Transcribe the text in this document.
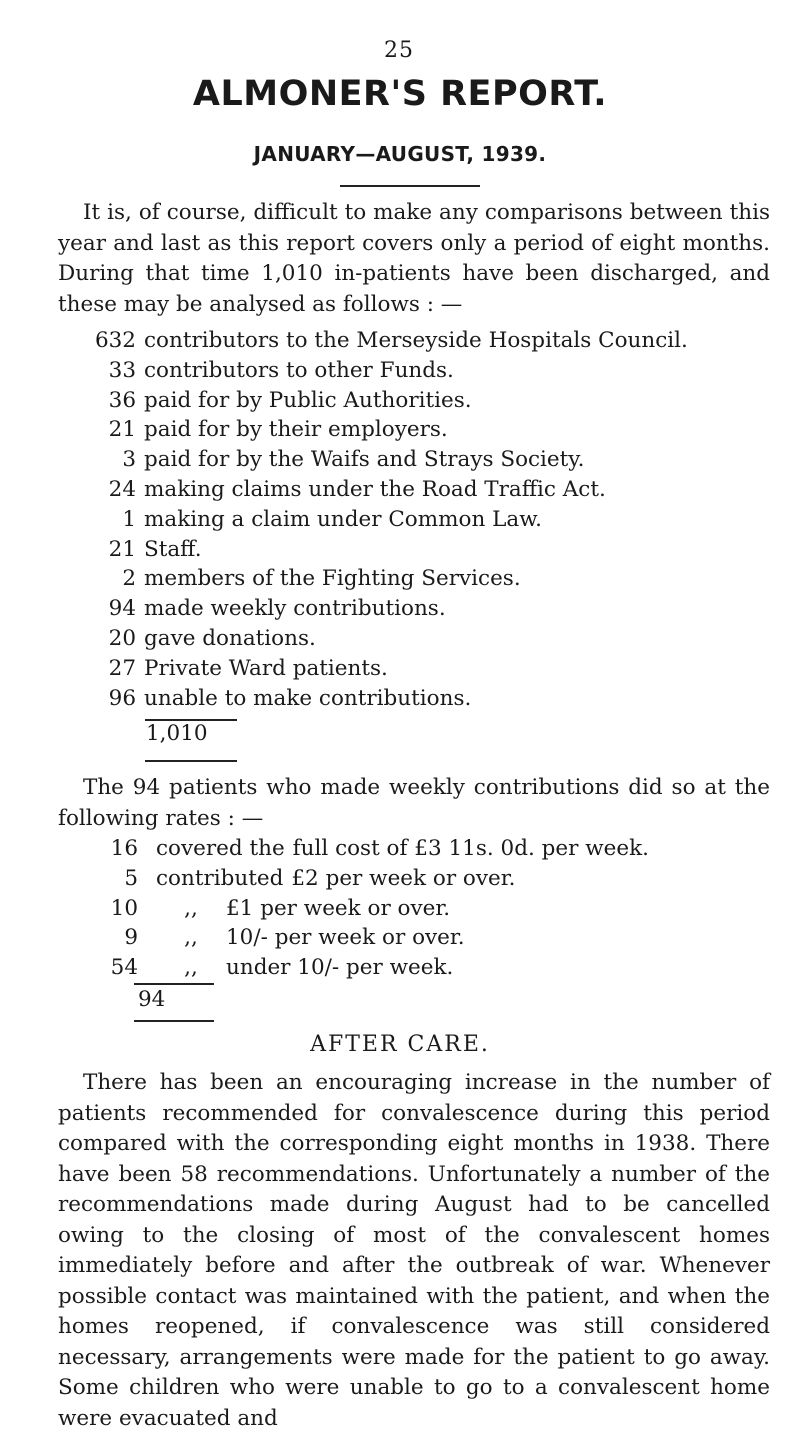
25
ALMONER'S REPORT.
JANUARY—AUGUST, 1939.

It is, of course, difficult to make any comparisons between this year and last as this report covers only a period of eight months. During that time 1,010 in-patients have been discharged, and these may be analysed as follows : —

632 contributors to the Merseyside Hospitals Council.
33 contributors to other Funds.
36 paid for by Public Authorities.
21 paid for by their employers.
3 paid for by the Waifs and Strays Society.
24 making claims under the Road Traffic Act.
1 making a claim under Common Law.
21 Staff.
2 members of the Fighting Services.
94 made weekly contributions.
20 gave donations.
27 Private Ward patients.
96 unable to make contributions.
1,010

The 94 patients who made weekly contributions did so at the following rates : —

16 covered the full cost of £3 11s. 0d. per week.
5 contributed £2 per week or over.
10	,,	£1 per week or over.
9	,,	10/- per week or over.
54	,,	under 10/- per week.
94
AFTER CARE.

There has been an encouraging increase in the number of patients recommended for convalescence during this period compared with the corresponding eight months in 1938. There have been 58 recommendations. Unfortunately a number of the recommendations made during August had to be cancelled owing to the closing of most of the convalescent homes immediately before and after the outbreak of war. Whenever possible contact was maintained with the patient, and when the homes reopened, if convalescence was still considered necessary, arrangements were made for the patient to go away. Some children who were unable to go to a convalescent home were evacuated and
